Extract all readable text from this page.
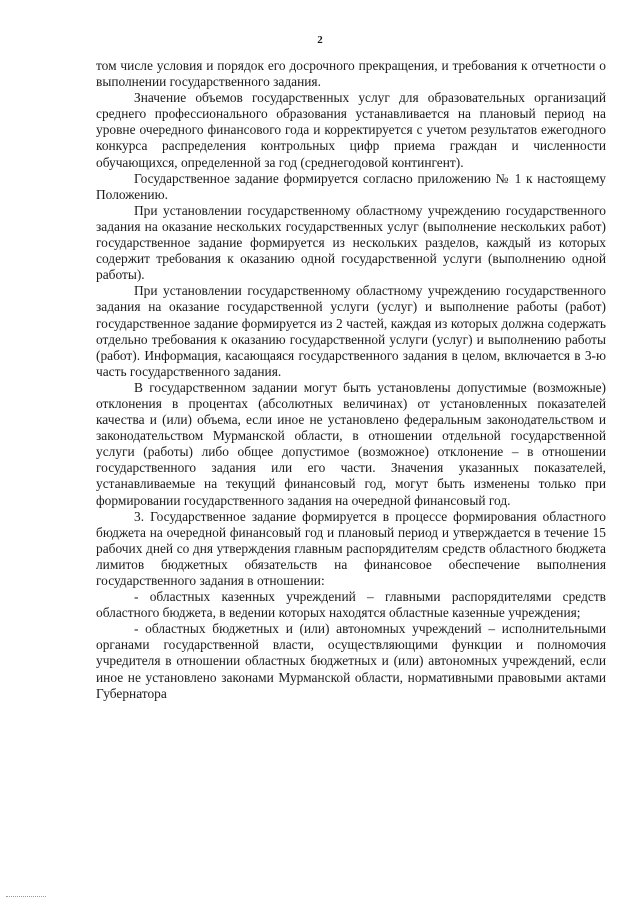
2

том числе условия и порядок его досрочного прекращения, и требования к отчетности о выполнении государственного задания.

Значение объемов государственных услуг для образовательных организаций среднего профессионального образования устанавливается на плановый период на уровне очередного финансового года и корректируется с учетом результатов ежегодного конкурса распределения контрольных цифр приема граждан и численности обучающихся, определенной за год (среднегодовой контингент).

Государственное задание формируется согласно приложению № 1 к настоящему Положению.

При установлении государственному областному учреждению государственного задания на оказание нескольких государственных услуг (выполнение нескольких работ) государственное задание формируется из нескольких разделов, каждый из которых содержит требования к оказанию одной государственной услуги (выполнению одной работы).

При установлении государственному областному учреждению государственного задания на оказание государственной услуги (услуг) и выполнение работы (работ) государственное задание формируется из 2 частей, каждая из которых должна содержать отдельно требования к оказанию государственной услуги (услуг) и выполнению работы (работ). Информация, касающаяся государственного задания в целом, включается в 3-ю часть государственного задания.

В государственном задании могут быть установлены допустимые (возможные) отклонения в процентах (абсолютных величинах) от установленных показателей качества и (или) объема, если иное не установлено федеральным законодательством и законодательством Мурманской области, в отношении отдельной государственной услуги (работы) либо общее допустимое (возможное) отклонение – в отношении государственного задания или его части. Значения указанных показателей, устанавливаемые на текущий финансовый год, могут быть изменены только при формировании государственного задания на очередной финансовый год.

3. Государственное задание формируется в процессе формирования областного бюджета на очередной финансовый год и плановый период и утверждается в течение 15 рабочих дней со дня утверждения главным распорядителям средств областного бюджета лимитов бюджетных обязательств на финансовое обеспечение выполнения государственного задания в отношении:

- областных казенных учреждений – главными распорядителями средств областного бюджета, в ведении которых находятся областные казенные учреждения;

- областных бюджетных и (или) автономных учреждений – исполнительными органами государственной власти, осуществляющими функции и полномочия учредителя в отношении областных бюджетных и (или) автономных учреждений, если иное не установлено законами Мурманской области, нормативными правовыми актами Губернатора
